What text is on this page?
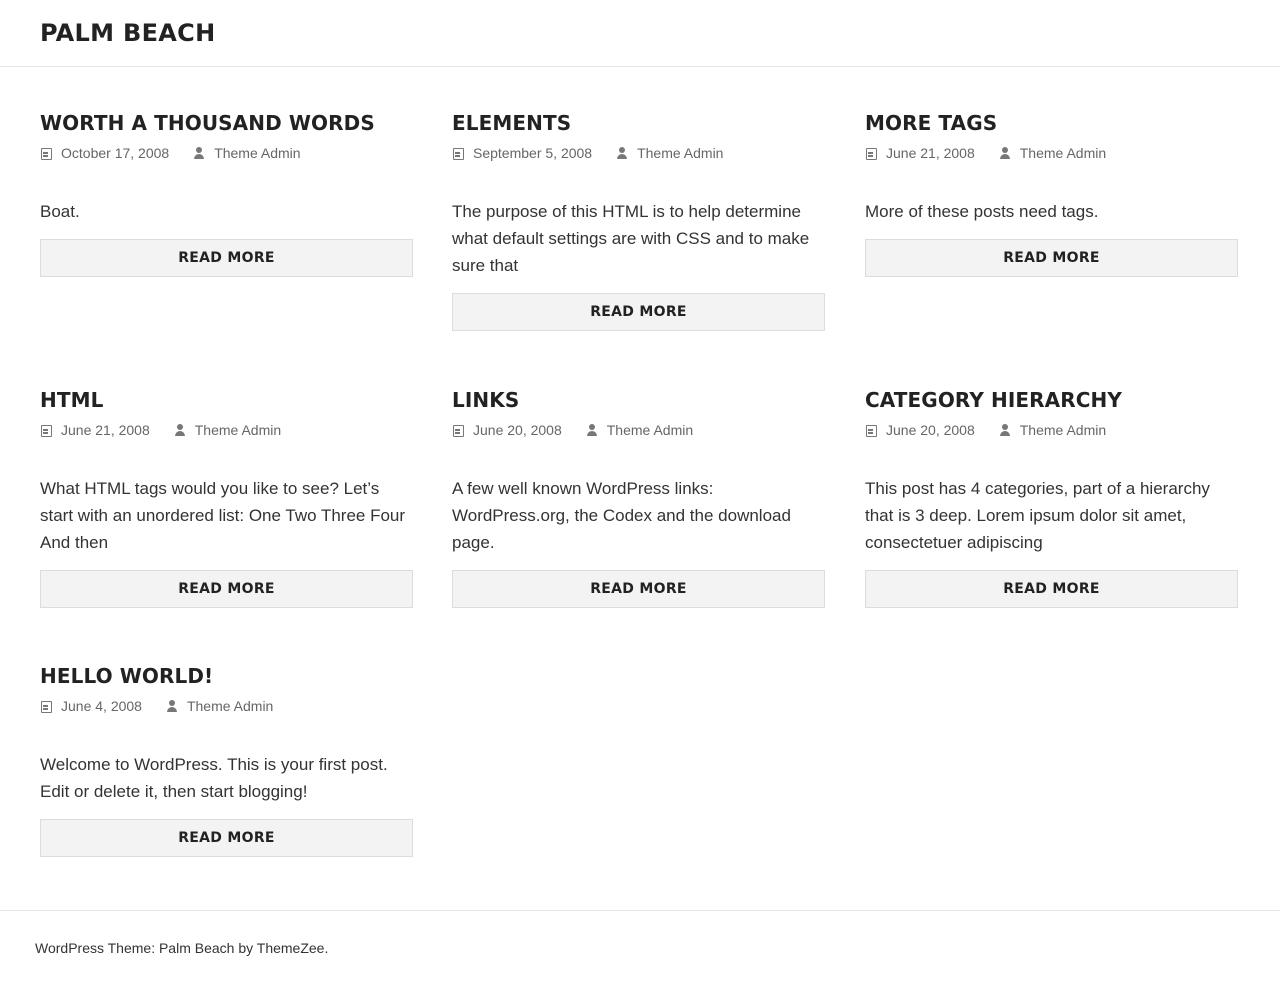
PALM BEACH
WORTH A THOUSAND WORDS
October 17, 2008	Theme Admin

Boat.

READ MORE
ELEMENTS
September 5, 2008	Theme Admin

The purpose of this HTML is to help determine what default settings are with CSS and to make sure that

READ MORE
MORE TAGS
June 21, 2008	Theme Admin

More of these posts need tags.

READ MORE
HTML
June 21, 2008	Theme Admin

What HTML tags would you like to see? Let’s start with an unordered list: One Two Three Four And then

READ MORE
LINKS
June 20, 2008	Theme Admin

A few well known WordPress links: WordPress.org, the Codex and the download page.

READ MORE
CATEGORY HIERARCHY
June 20, 2008	Theme Admin

This post has 4 categories, part of a hierarchy that is 3 deep. Lorem ipsum dolor sit amet, consectetuer adipiscing

READ MORE
HELLO WORLD!
June 4, 2008	Theme Admin

Welcome to WordPress. This is your first post. Edit or delete it, then start blogging!

READ MORE
WordPress Theme: Palm Beach by ThemeZee.
